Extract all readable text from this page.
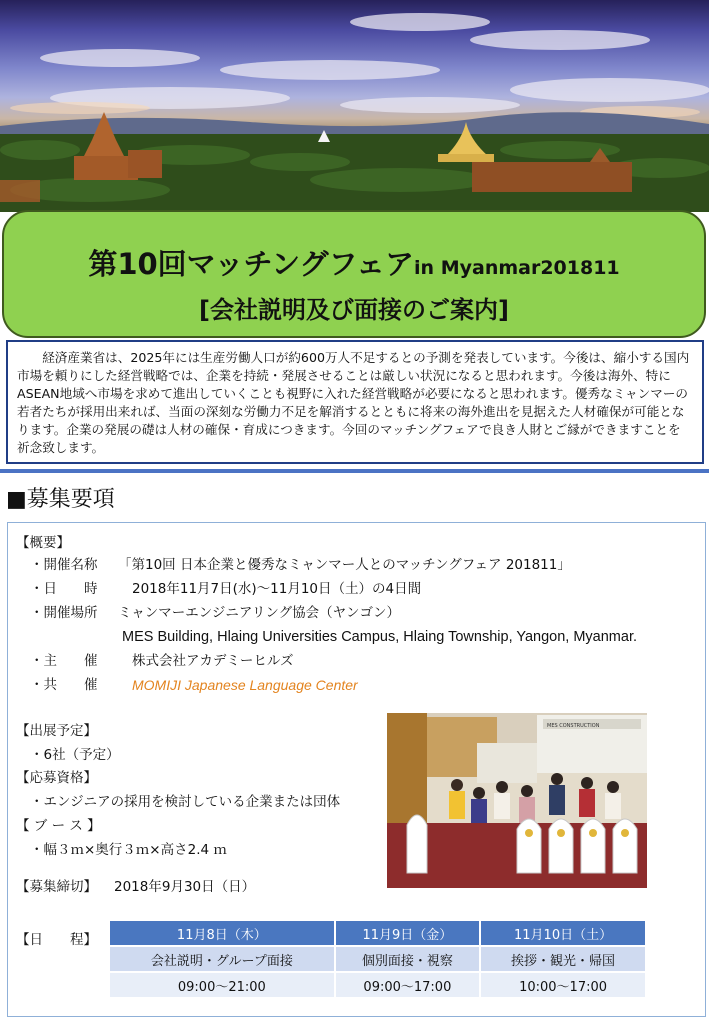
第10回マッチングフェアin Myanmar201811
[会社説明及び面接のご案内]

経済産業省は、2025年には生産労働人口が約600万人不足するとの予測を発表しています。今後は、縮小する国内市場を頼りにした経営戦略では、企業を持続・発展させることは厳しい状況になると思われます。今後は海外、特にASEAN地域へ市場を求めて進出していくことも視野に入れた経営戦略が必要になると思われます。優秀なミャンマーの若者たちが採用出来れば、当面の深刻な労働力不足を解消するとともに将来の海外進出を見据えた人材確保が可能となります。企業の発展の礎は人材の確保・育成につきます。今回のマッチングフェアで良き人財とご縁ができますことを祈念致します。

■募集要項
【概要】
・開催名称 「第10回 日本企業と優秀なミャンマー人とのマッチングフェア 201811」
・日　　時	2018年11月7日(水)〜11月10日（土）の4日間
・開催場所 ミャンマーエンジニアリング協会（ヤンゴン）
MES Building, Hlaing Universities Campus, Hlaing Township, Yangon, Myanmar.
・主　　催	株式会社アカデミーヒルズ
・共　　催 MOMIJI Japanese Language Center
【出展予定】
・6社（予定）
【応募資格】
・エンジニアの採用を検討している企業または団体
【 ブ ー ス 】
・幅３ｍ×奥行３ｍ×高さ2.4 ｍ
【募集締切】 2018年9月30日（日）
MES CONSTRUCTION
【日　　程】	11月8日（木）	11月9日（金）	11月10日（土）
会社説明・グループ面接	個別面接・視察	挨拶・観光・帰国
09:00〜21:00	09:00〜17:00	10:00〜17:00
